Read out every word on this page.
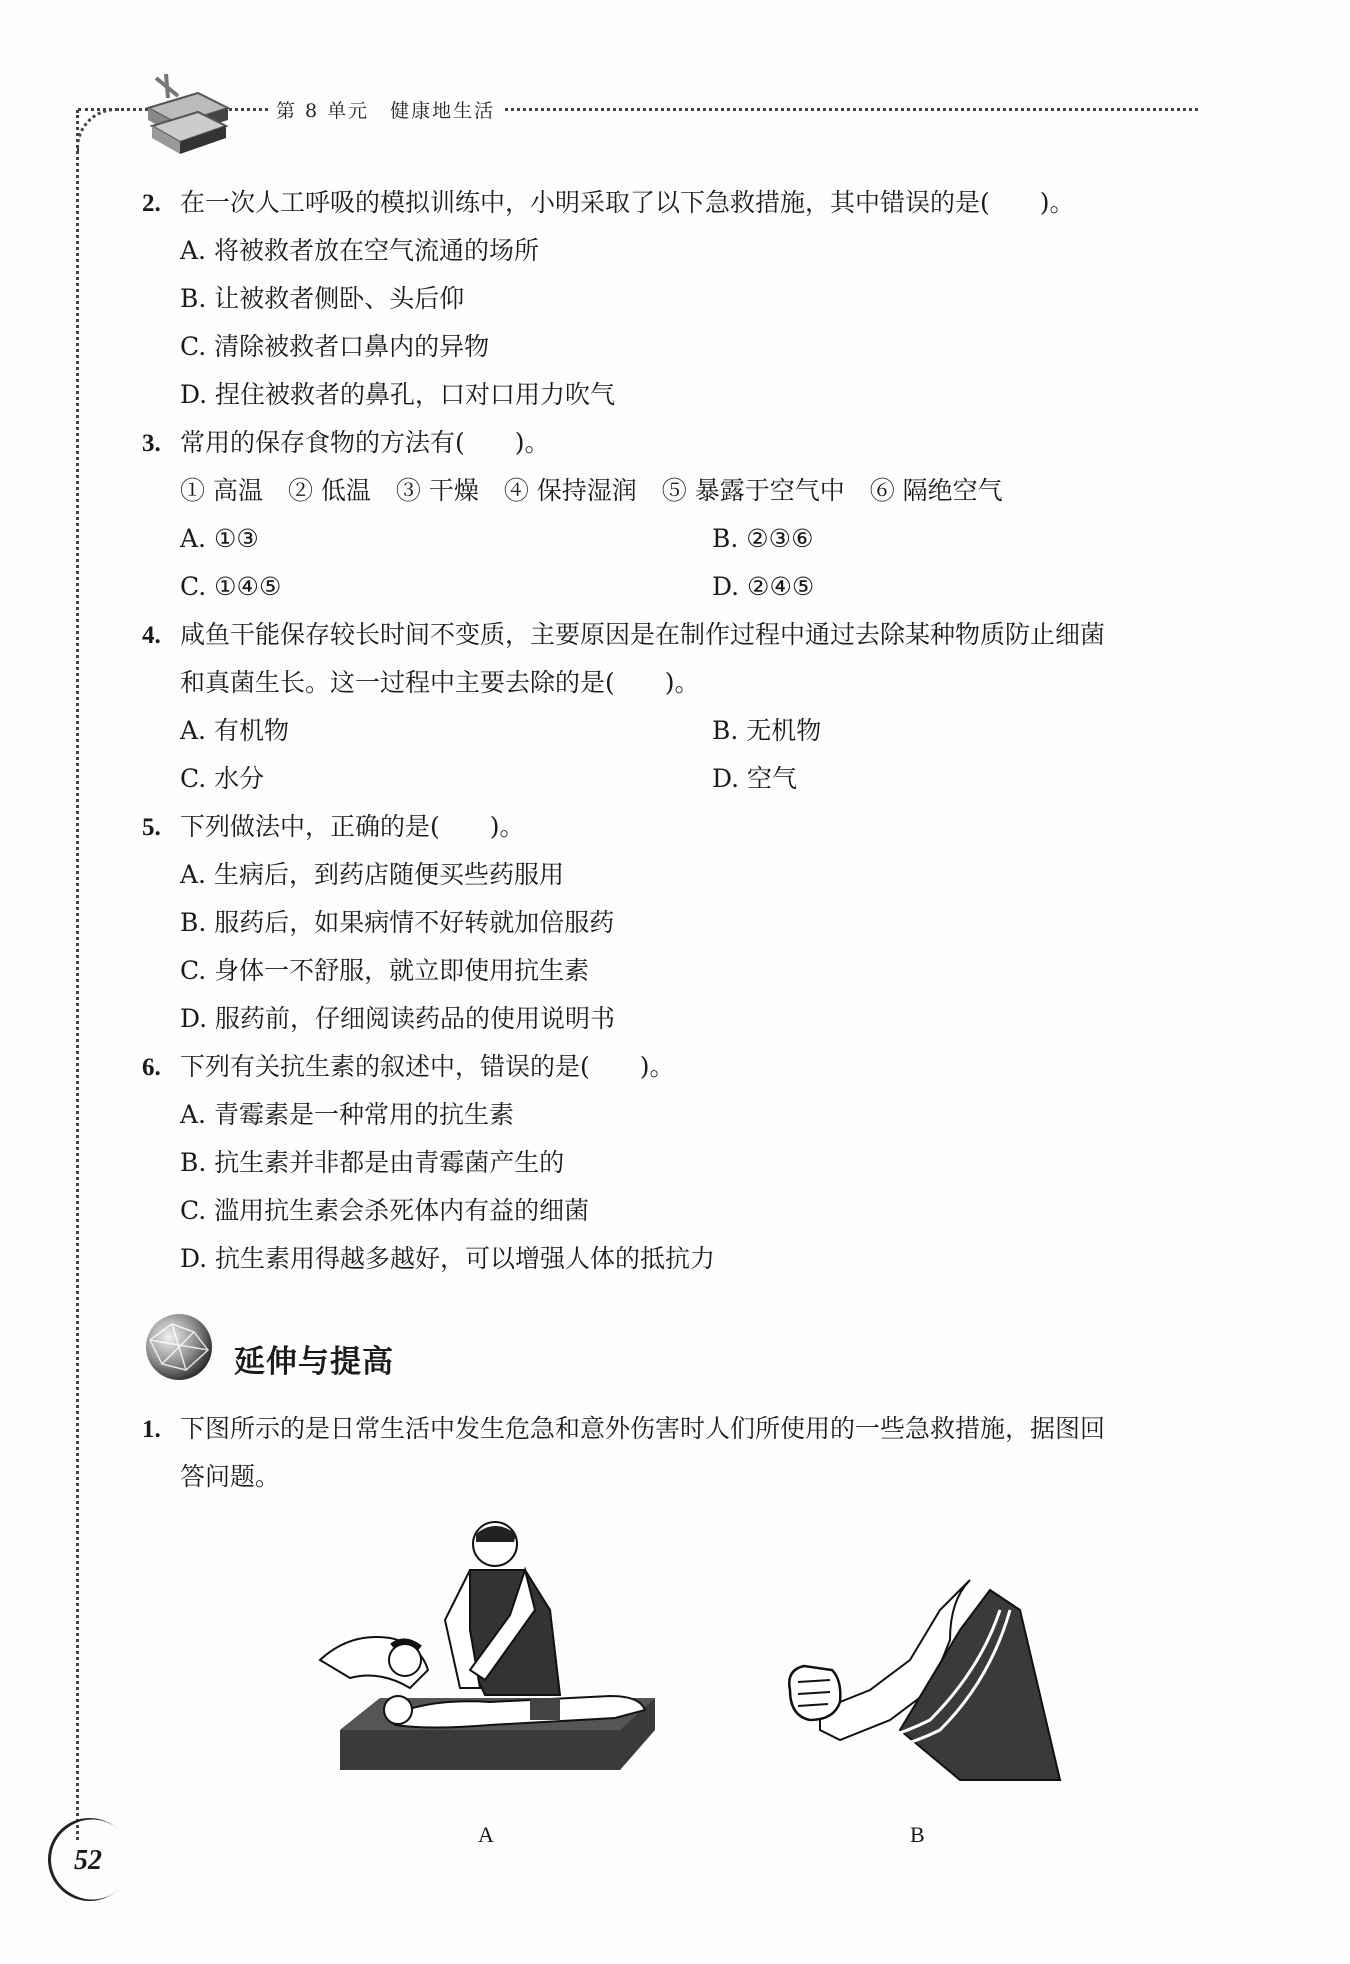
第 8 单元　健康地生活
2. 在一次人工呼吸的模拟训练中，小明采取了以下急救措施，其中错误的是(　　)。
A. 将被救者放在空气流通的场所
B. 让被救者侧卧、头后仰
C. 清除被救者口鼻内的异物
D. 捏住被救者的鼻孔，口对口用力吹气
3. 常用的保存食物的方法有(　　)。
① 高温　② 低温　③ 干燥　④ 保持湿润　⑤ 暴露于空气中　⑥ 隔绝空气
A. ①③	B. ②③⑥
C. ①④⑤	D. ②④⑤
4. 咸鱼干能保存较长时间不变质，主要原因是在制作过程中通过去除某种物质防止细菌
和真菌生长。这一过程中主要去除的是(　　)。
A. 有机物	B. 无机物
C. 水分	D. 空气
5. 下列做法中，正确的是(　　)。
A. 生病后，到药店随便买些药服用
B. 服药后，如果病情不好转就加倍服药
C. 身体一不舒服，就立即使用抗生素
D. 服药前，仔细阅读药品的使用说明书
6. 下列有关抗生素的叙述中，错误的是(　　)。
A. 青霉素是一种常用的抗生素
B. 抗生素并非都是由青霉菌产生的
C. 滥用抗生素会杀死体内有益的细菌
D. 抗生素用得越多越好，可以增强人体的抵抗力
延伸与提高
1. 下图所示的是日常生活中发生危急和意外伤害时人们所使用的一些急救措施，据图回
答问题。
A	B
52
